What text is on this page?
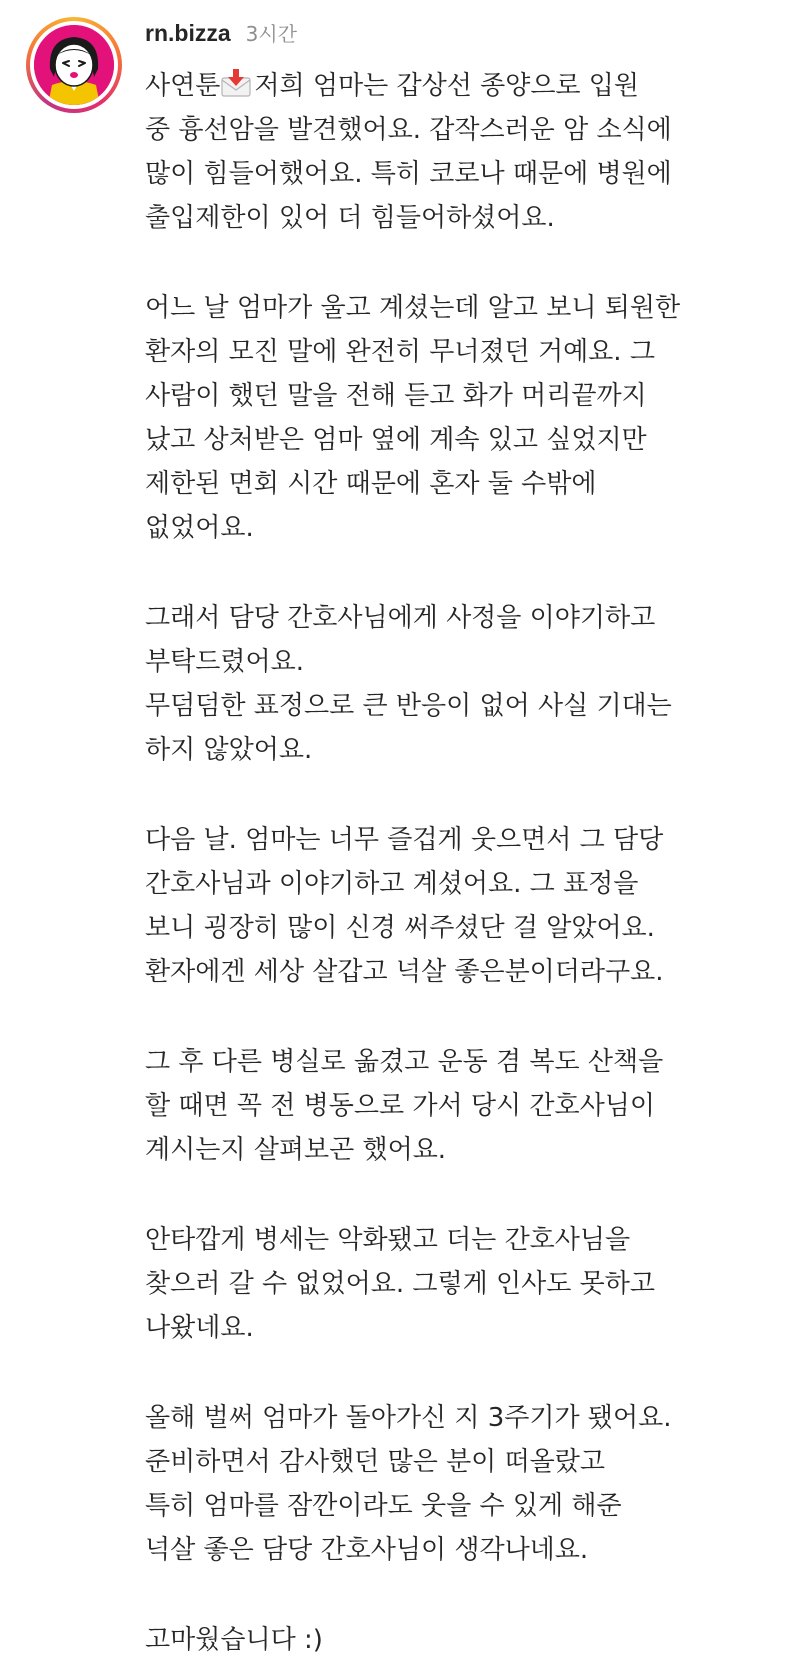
rn.bizza 3시간
사연툰 저희 엄마는 갑상선 종양으로 입원
중 흉선암을 발견했어요. 갑작스러운 암 소식에
많이 힘들어했어요. 특히 코로나 때문에 병원에
출입제한이 있어 더 힘들어하셨어요.
어느 날 엄마가 울고 계셨는데 알고 보니 퇴원한
환자의 모진 말에 완전히 무너졌던 거예요. 그
사람이 했던 말을 전해 듣고 화가 머리끝까지
났고 상처받은 엄마 옆에 계속 있고 싶었지만
제한된 면회 시간 때문에 혼자 둘 수밖에
없었어요.
그래서 담당 간호사님에게 사정을 이야기하고
부탁드렸어요.
무덤덤한 표정으로 큰 반응이 없어 사실 기대는
하지 않았어요.
다음 날. 엄마는 너무 즐겁게 웃으면서 그 담당
간호사님과 이야기하고 계셨어요. 그 표정을
보니 굉장히 많이 신경 써주셨단 걸 알았어요.
환자에겐 세상 살갑고 넉살 좋은분이더라구요.
그 후 다른 병실로 옮겼고 운동 겸 복도 산책을
할 때면 꼭 전 병동으로 가서 당시 간호사님이
계시는지 살펴보곤 했어요.
안타깝게 병세는 악화됐고 더는 간호사님을
찾으러 갈 수 없었어요. 그렇게 인사도 못하고
나왔네요.
올해 벌써 엄마가 돌아가신 지 3주기가 됐어요.
준비하면서 감사했던 많은 분이 떠올랐고
특히 엄마를 잠깐이라도 웃을 수 있게 해준
넉살 좋은 담당 간호사님이 생각나네요.
고마웠습니다 :)
